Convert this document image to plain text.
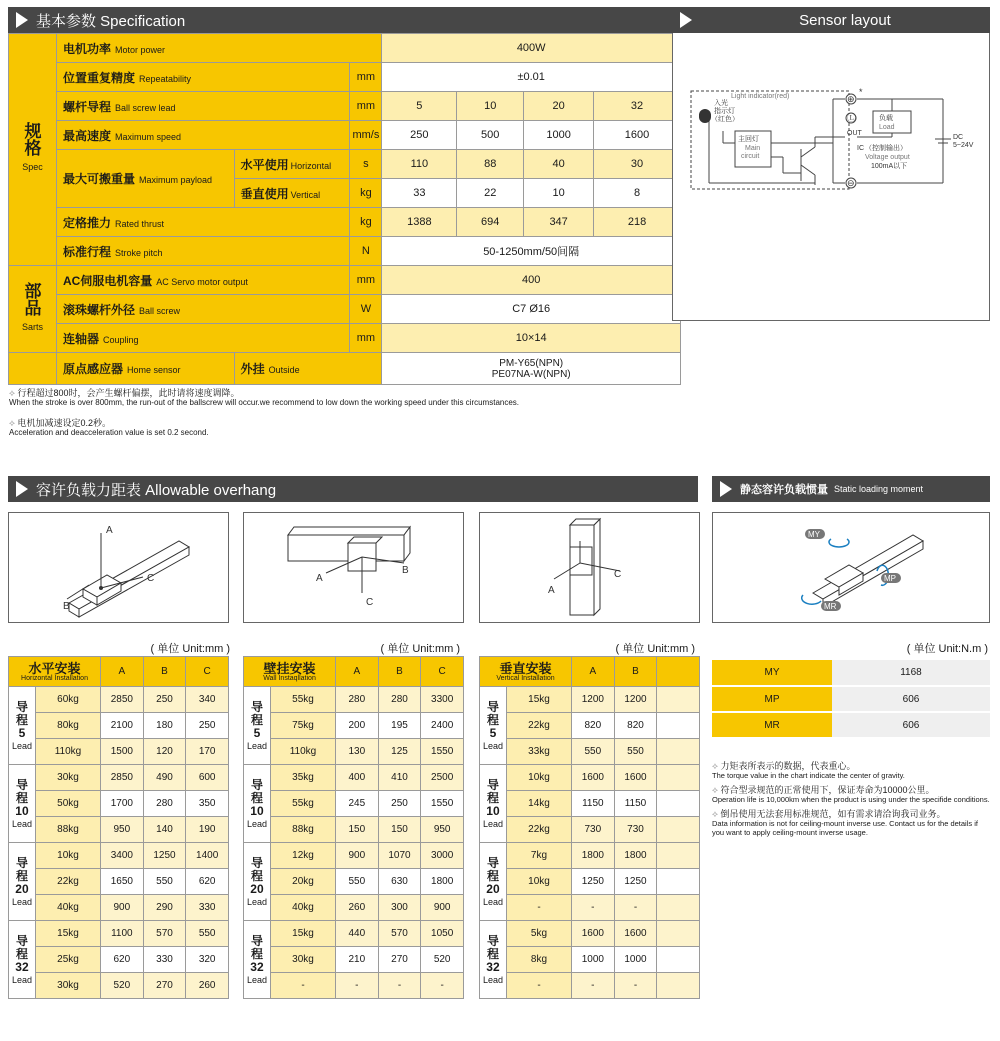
基本参数 Specification
规格
Spec	电机功率 Motor power			400W			
	位置重复精度 Repeatability		mm	±0.01			
	螺杆导程 Ball screw lead		mm	5	10	20	32
	最高速度 Maximum speed		mm/s	250	500	1000	1600
	最大可搬重量 Maximum payload	水平使用 Horizontal	s	110	88	40	30
		垂直使用 Vertical	kg	33	22	10	8
	定格推力 Rated thrust		kg	1388	694	347	218
	标准行程 Stroke pitch		N	50-1250mm/50间隔			
部品
Sarts	AC伺服电机容量 AC Servo motor output		mm	400			
	滚珠螺杆外径 Ball screw		W	C7 Ø16			
	连轴器 Coupling		mm	10×14			
	原点感应器 Home sensor	外挂 Outside		PM-Y65(NPN)
PE07NA-W(NPN)			
⟡ 行程超过800时，会产生螺杆偏摆，此时请将速度调降。
When the stroke is over 800mm, the run-out of the ballscrew will occur.we recommend to low down the working speed under this circumstances.
⟡ 电机加减速设定0.2秒。
Acceleration and deacceleration value is set 0.2 second.
Sensor layout
Light indicator(red)
入光
指示灯
（红色）
主回灯
Main
circuit
负载
Load
OUT
IC （控制输出）
Voltage output
100mA以下
DC
5~24V
⊕
Ⓛ
⊖
*
容许负载力距表 Allowable overhang
A
C
B
A
C
B
A
C
( 单位 Unit:mm )	( 单位 Unit:mm )	( 单位 Unit:mm )
水平安装
Horizontal Installation		A	B	C
导程
5
Lead	60kg	2850	250	340
	80kg	2100	180	250
	110kg	1500	120	170
导程
10
Lead	30kg	2850	490	600
	50kg	1700	280	350
	88kg	950	140	190
导程
20
Lead	10kg	3400	1250	1400
	22kg	1650	550	620
	40kg	900	290	330
导程
32
Lead	15kg	1100	570	550
	25kg	620	330	320
	30kg	520	270	260
壁挂安装
Wall Instaqllation		A	B	C
导程
5
Lead	55kg	280	280	3300
	75kg	200	195	2400
	110kg	130	125	1550
导程
10
Lead	35kg	400	410	2500
	55kg	245	250	1550
	88kg	150	150	950
导程
20
Lead	12kg	900	1070	3000
	20kg	550	630	1800
	40kg	260	300	900
导程
32
Lead	15kg	440	570	1050
	30kg	210	270	520
	-	-	-	-
垂直安装
Vertical Installation		A	B	
导程
5
Lead	15kg	1200	1200	
	22kg	820	820	
	33kg	550	550	
导程
10
Lead	10kg	1600	1600	
	14kg	1150	1150	
	22kg	730	730	
导程
20
Lead	7kg	1800	1800	
	10kg	1250	1250	
	-	-	-	
导程
32
Lead	5kg	1600	1600	
	8kg	1000	1000	
	-	-	-	
静态容许负载惯量 Static loading moment
MY
MP
MR
( 单位 Unit:N.m )
MY	1168
MP	606
MR	606
⟡ 力矩表所表示的数据，代表重心。
The torque value in the chart indicate the center of gravity.
⟡ 符合型录规范的正常使用下，保证寿命为10000公里。
Operation life is 10,000km when the product is using under the specifide conditions.
⟡ 倒吊使用无法套用标准规范，如有需求请洽询我司业务。
Data information is not for ceiling-mount inverse use. Contact us for the details if you want to apply ceiling-mount inverse usage.
